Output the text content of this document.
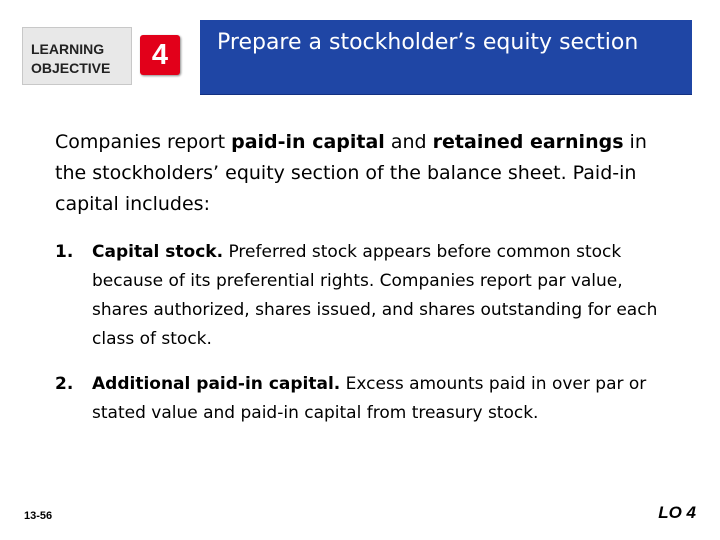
LEARNING
OBJECTIVE	4	Prepare a stockholder’s equity section
Companies report paid-in capital and retained earnings in the stockholders’ equity section of the balance sheet. Paid-in capital includes:
1.	Capital stock. Preferred stock appears before common stock because of its preferential rights. Companies report par value, shares authorized, shares issued, and shares outstanding for each class of stock.
2.	Additional paid-in capital. Excess amounts paid in over par or stated value and paid-in capital from treasury stock.
13-56	LO 4
